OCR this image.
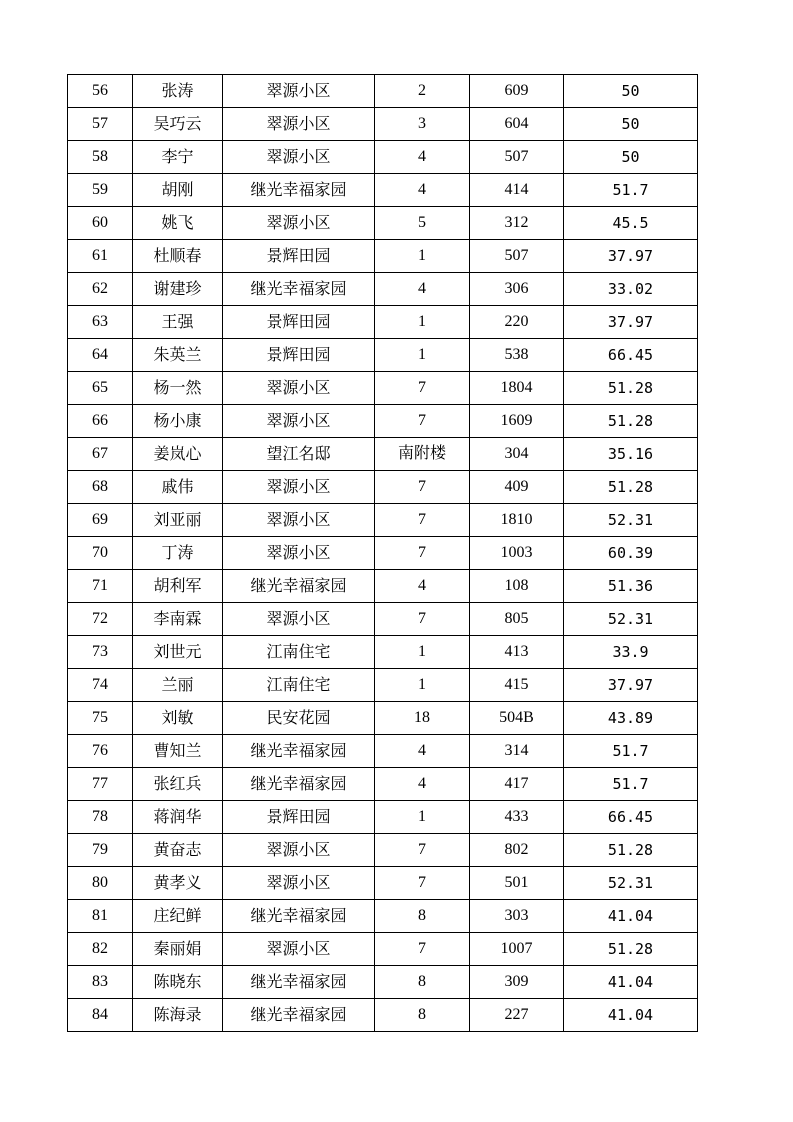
56	张涛	翠源小区	2	609	50
57	吴巧云	翠源小区	3	604	50
58	李宁	翠源小区	4	507	50
59	胡刚	继光幸福家园	4	414	51.7
60	姚飞	翠源小区	5	312	45.5
61	杜顺春	景辉田园	1	507	37.97
62	谢建珍	继光幸福家园	4	306	33.02
63	王强	景辉田园	1	220	37.97
64	朱英兰	景辉田园	1	538	66.45
65	杨一然	翠源小区	7	1804	51.28
66	杨小康	翠源小区	7	1609	51.28
67	姜岚心	望江名邸	南附楼	304	35.16
68	戚伟	翠源小区	7	409	51.28
69	刘亚丽	翠源小区	7	1810	52.31
70	丁涛	翠源小区	7	1003	60.39
71	胡利军	继光幸福家园	4	108	51.36
72	李南霖	翠源小区	7	805	52.31
73	刘世元	江南住宅	1	413	33.9
74	兰丽	江南住宅	1	415	37.97
75	刘敏	民安花园	18	504B	43.89
76	曹知兰	继光幸福家园	4	314	51.7
77	张红兵	继光幸福家园	4	417	51.7
78	蒋润华	景辉田园	1	433	66.45
79	黄奋志	翠源小区	7	802	51.28
80	黄孝义	翠源小区	7	501	52.31
81	庄纪鲜	继光幸福家园	8	303	41.04
82	秦丽娟	翠源小区	7	1007	51.28
83	陈晓东	继光幸福家园	8	309	41.04
84	陈海录	继光幸福家园	8	227	41.04
